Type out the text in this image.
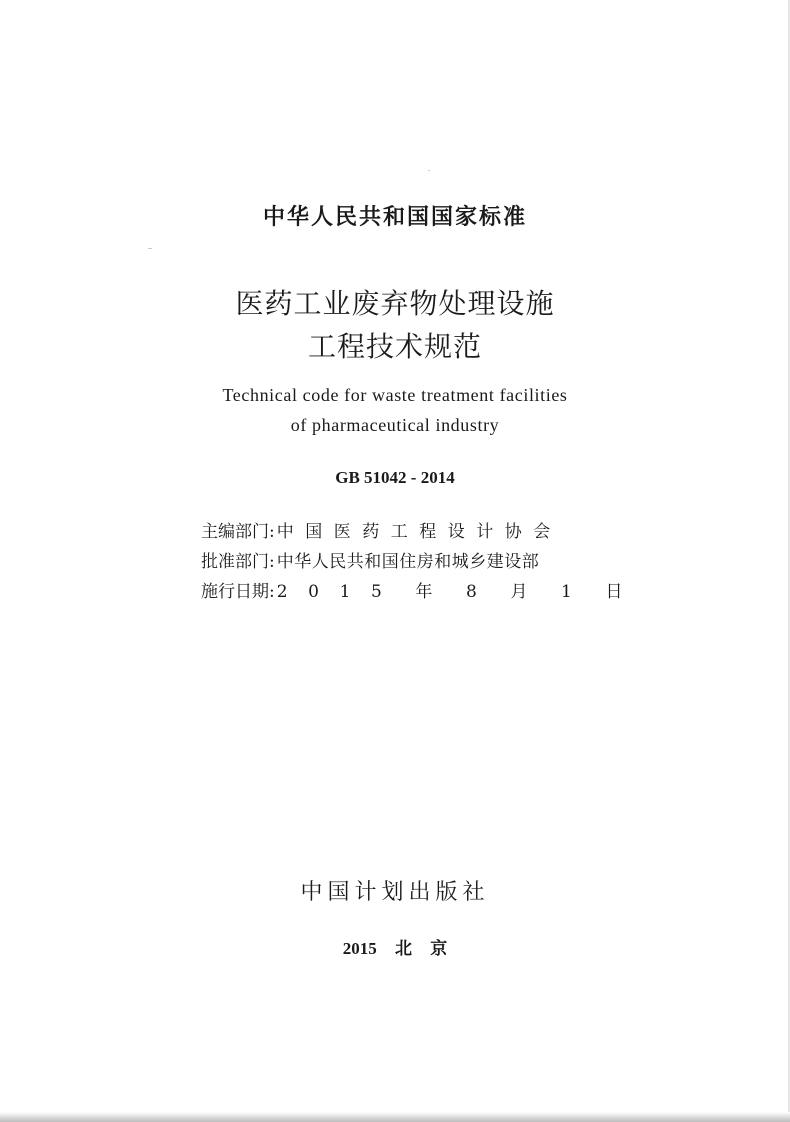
中华人民共和国国家标准
医药工业废弃物处理设施
工程技术规范
Technical code for waste treatment facilities
of pharmaceutical industry
GB 51042 - 2014
主编部门: 中国医药工程设计协会
批准部门: 中华人民共和国住房和城乡建设部
施行日期: 2 0 1 5  年  8  月  1  日
中国计划出版社
2015 北 京
